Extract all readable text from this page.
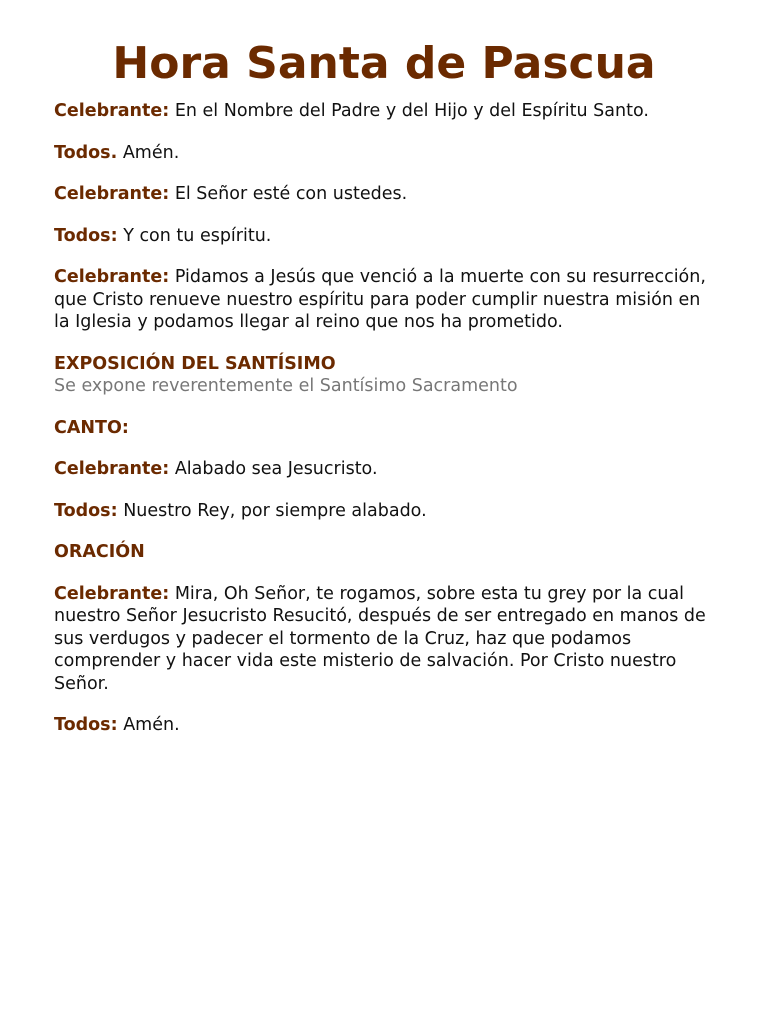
Hora Santa de Pascua

Celebrante: En el Nombre del Padre y del Hijo y del Espíritu Santo.

Todos. Amén.

Celebrante: El Señor esté con ustedes.

Todos: Y con tu espíritu.

Celebrante: Pidamos a Jesús que venció a la muerte con su resurrección, que Cristo renueve nuestro espíritu para poder cumplir nuestra misión en la Iglesia y podamos llegar al reino que nos ha prometido.

EXPOSICIÓN DEL SANTÍSIMO

Se expone reverentemente el Santísimo Sacramento

CANTO:

Celebrante: Alabado sea Jesucristo.

Todos: Nuestro Rey, por siempre alabado.

ORACIÓN

Celebrante: Mira, Oh Señor, te rogamos, sobre esta tu grey por la cual nuestro Señor Jesucristo Resucitó, después de ser entregado en manos de sus verdugos y padecer el tormento de la Cruz, haz que podamos comprender y hacer vida este misterio de salvación. Por Cristo nuestro Señor.

Todos: Amén.
